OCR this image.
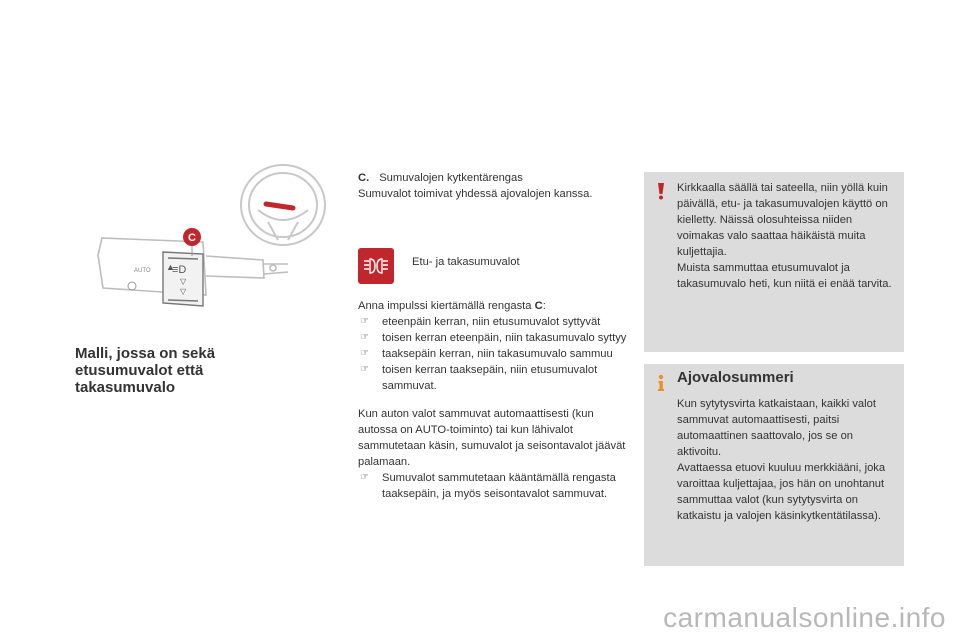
▲
≡D
▽
▽
AUTO
C
Malli, jossa on sekä etusumuvalot että takasumuvalo

C. Sumuvalojen kytkentärengas

Sumuvalot toimivat yhdessä ajovalojen kanssa.

Etu- ja takasumuvalot

Anna impulssi kiertämällä rengasta C:

☞ eteenpäin kerran, niin etusumuvalot syttyvät
☞ toisen kerran eteenpäin, niin takasumuvalo syttyy
☞ taaksepäin kerran, niin takasumuvalo sammuu
☞ toisen kerran taaksepäin, niin etusumuvalot sammuvat.

Kun auton valot sammuvat automaattisesti (kun autossa on AUTO-toiminto) tai kun lähivalot sammutetaan käsin, sumuvalot ja seisontavalot jäävät palamaan.

☞ Sumuvalot sammutetaan kääntämällä rengasta taaksepäin, ja myös seisontavalot sammuvat.

Kirkkaalla säällä tai sateella, niin yöllä kuin päivällä, etu- ja takasumuvalojen käyttö on kielletty. Näissä olosuhteissa niiden voimakas valo saattaa häikäistä muita kuljettajia.

Muista sammuttaa etusumuvalot ja takasumuvalo heti, kun niitä ei enää tarvita.

Ajovalosummeri

Kun sytytysvirta katkaistaan, kaikki valot sammuvat automaattisesti, paitsi automaattinen saattovalo, jos se on aktivoitu.

Avattaessa etuovi kuuluu merkkiääni, joka varoittaa kuljettajaa, jos hän on unohtanut sammuttaa valot (kun sytytysvirta on katkaistu ja valojen käsinkytkentätilassa).

carmanualsonline.info
